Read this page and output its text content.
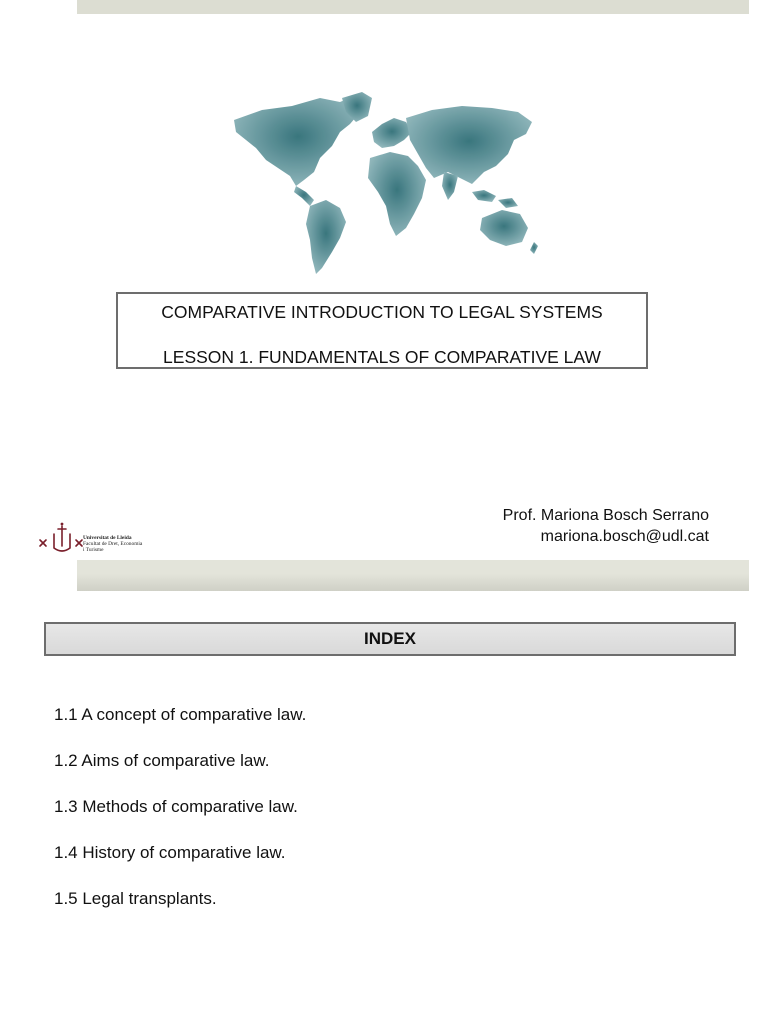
COMPARATIVE INTRODUCTION TO LEGAL SYSTEMS
LESSON 1. FUNDAMENTALS OF COMPARATIVE LAW
Prof. Mariona Bosch Serrano
mariona.bosch@udl.cat
Universitat de Lleida
Facultat de Dret, Economia
i Turisme
INDEX
1.1 A concept of comparative law.
1.2 Aims of comparative law.
1.3 Methods of comparative law.
1.4 History of comparative law.
1.5 Legal transplants.
